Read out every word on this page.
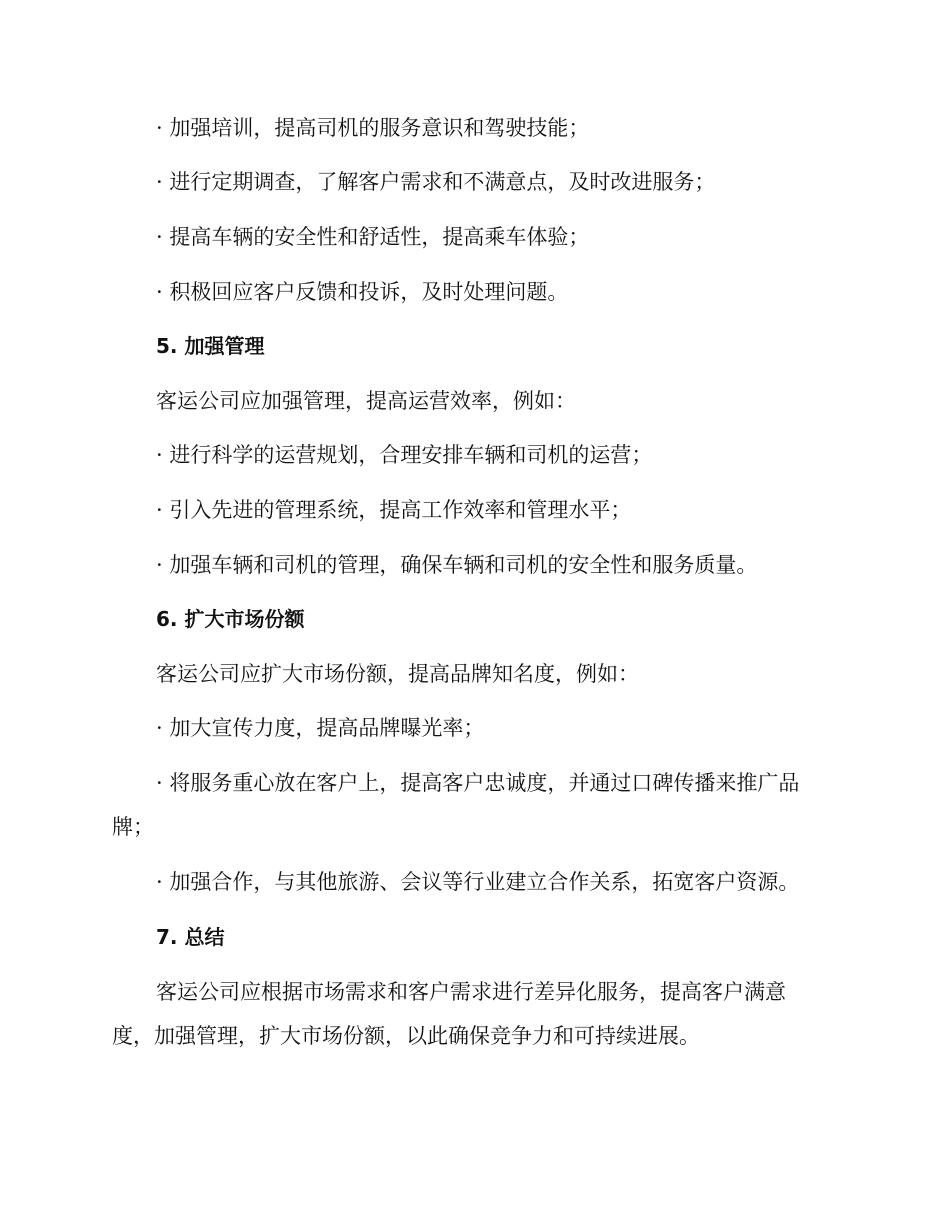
· 加强培训，提高司机的服务意识和驾驶技能；
· 进行定期调查，了解客户需求和不满意点，及时改进服务；
· 提高车辆的安全性和舒适性，提高乘车体验；
· 积极回应客户反馈和投诉，及时处理问题。
5. 加强管理
客运公司应加强管理，提高运营效率，例如：
· 进行科学的运营规划，合理安排车辆和司机的运营；
· 引入先进的管理系统，提高工作效率和管理水平；
· 加强车辆和司机的管理，确保车辆和司机的安全性和服务质量。
6. 扩大市场份额
客运公司应扩大市场份额，提高品牌知名度，例如：
· 加大宣传力度，提高品牌曝光率；
· 将服务重心放在客户上，提高客户忠诚度，并通过口碑传播来推广品牌；
· 加强合作，与其他旅游、会议等行业建立合作关系，拓宽客户资源。
7. 总结
客运公司应根据市场需求和客户需求进行差异化服务，提高客户满意度，加强管理，扩大市场份额，以此确保竞争力和可持续进展。
